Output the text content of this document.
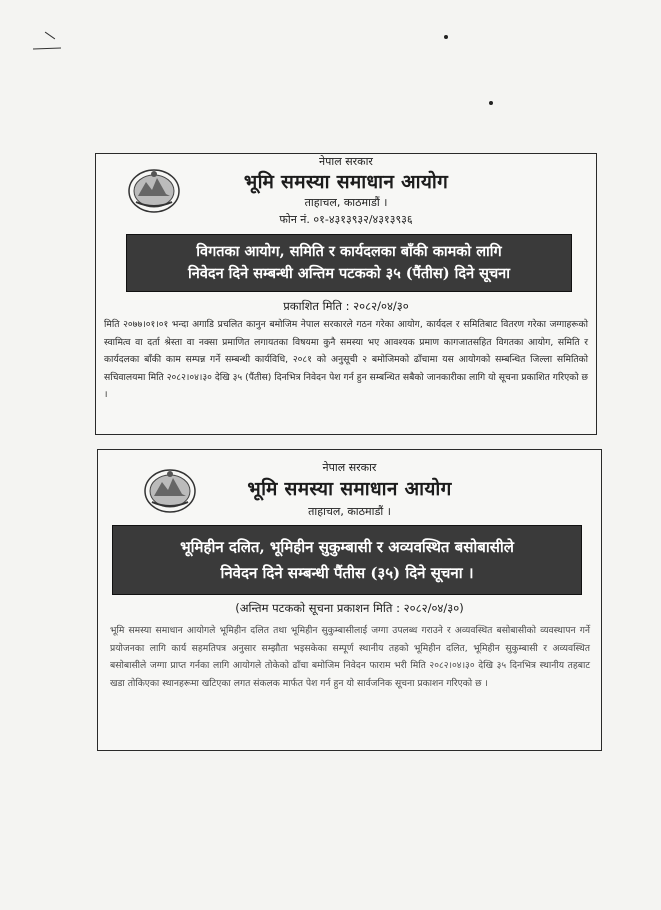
नेपाल सरकार
भूमि समस्या समाधान आयोग
ताहाचल, काठमाडौं ।
फोन नं. ०१-४३१३९३२/४३१३९३६
विगतका आयोग, समिति र कार्यदलका बाँकी कामको लागि
निवेदन दिने सम्बन्धी अन्तिम पटकको ३५ (पैंतीस) दिने सूचना
प्रकाशित मिति : २०८२/०४/३०
मिति २०७७।०१।०१ भन्दा अगाडि प्रचलित कानुन बमोजिम नेपाल सरकारले गठन गरेका आयोग, कार्यदल र समितिबाट वितरण गरेका जग्गाहरूको स्वामित्व वा दर्ता श्रेस्ता वा नक्सा प्रमाणित लगायतका विषयमा कुनै समस्या भए आवश्यक प्रमाण कागजातसहित विगतका आयोग, समिति र कार्यदलका बाँकी काम सम्पन्न गर्ने सम्बन्धी कार्यविधि, २०८१ को अनुसूची २ बमोजिमको ढाँचामा यस आयोगको सम्बन्धित जिल्ला समितिको सचिवालयमा मिति २०८२।०४।३० देखि ३५ (पैंतीस) दिनभित्र निवेदन पेश गर्न हुन सम्बन्धित सबैको जानकारीका लागि यो सूचना प्रकाशित गरिएको छ ।
नेपाल सरकार
भूमि समस्या समाधान आयोग
ताहाचल, काठमाडौं ।
भूमिहीन दलित, भूमिहीन सुकुम्बासी र अव्यवस्थित बसोबासीले
निवेदन दिने सम्बन्धी पैंतीस (३५) दिने सूचना ।
(अन्तिम पटकको सूचना प्रकाशन मिति : २०८२/०४/३०)
भूमि समस्या समाधान आयोगले भूमिहीन दलित तथा भूमिहीन सुकुम्बासीलाई जग्गा उपलब्ध गराउने र अव्यवस्थित बसोबासीको व्यवस्थापन गर्ने प्रयोजनका लागि कार्य सहमतिपत्र अनुसार सम्झौता भइसकेका सम्पूर्ण स्थानीय तहको भूमिहीन दलित, भूमिहीन सुकुम्बासी र अव्यवस्थित बसोबासीले जग्गा प्राप्त गर्नका लागि आयोगले तोकेको ढाँचा बमोजिम निवेदन फाराम भरी मिति २०८२।०४।३० देखि ३५ दिनभित्र स्थानीय तहबाट खडा तोकिएका स्थानहरूमा खटिएका लगत संकलक मार्फत पेश गर्न हुन यो सार्वजनिक सूचना प्रकाशन गरिएको छ ।
